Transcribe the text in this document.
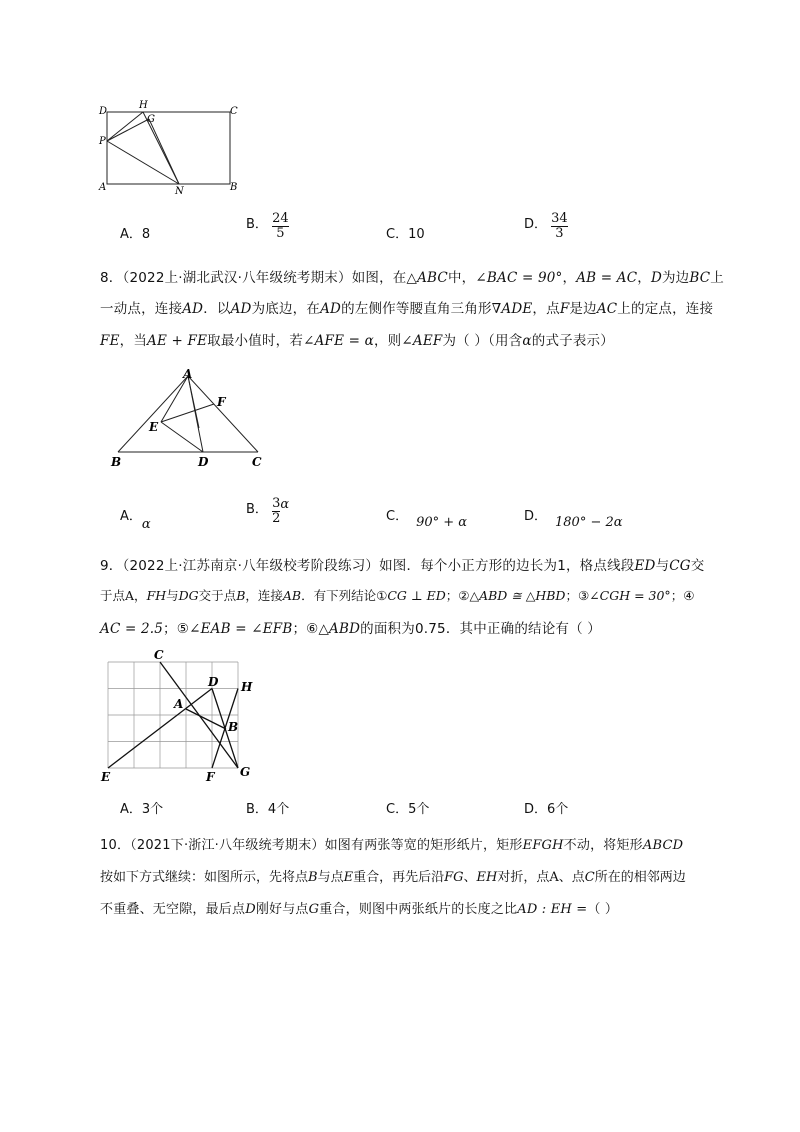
D
H
G
C
P
A	N	B
A．8
B． $\frac{24}{5}$	C．10
D． $\frac{34}{3}$
8．（2022上·湖北武汉·八年级统考期末）如图，在△ABC中，∠BAC = 90°，AB = AC，D为边BC上
一动点，连接AD．以AD为底边，在AD的左侧作等腰直角三角形∇ADE，点F是边AC上的定点，连接
FE，当AE + FE取最小值时，若∠AFE = α，则∠AEF为（ ）（用含α的式子表示）
A
F
E
B	D	C
A．α
B． $\frac{3}{2}$ α
C． 90° + α	D． 180° − 2α
9．（2022上·江苏南京·八年级校考阶段练习）如图．每个小正方形的边长为1，格点线段ED与CG交
于点A，FH与DG交于点B，连接AB．有下列结论①CG ⊥ ED；②△ABD ≅ △HBD；③∠CGH = 30°；④
AC = 2.5；⑤∠EAB = ∠EFB；⑥△ABD的面积为0.75．其中正确的结论有（ ）
C
D H
A
B
E	F G
A．3个	B．4个	C．5个	D．6个
10．（2021下·浙江·八年级统考期末）如图有两张等宽的矩形纸片，矩形EFGH不动，将矩形ABCD
按如下方式继续：如图所示，先将点B与点E重合，再先后沿FG、EH对折，点A、点C所在的相邻两边
不重叠、无空隙，最后点D刚好与点G重合，则图中两张纸片的长度之比AD : EH =（ ）
